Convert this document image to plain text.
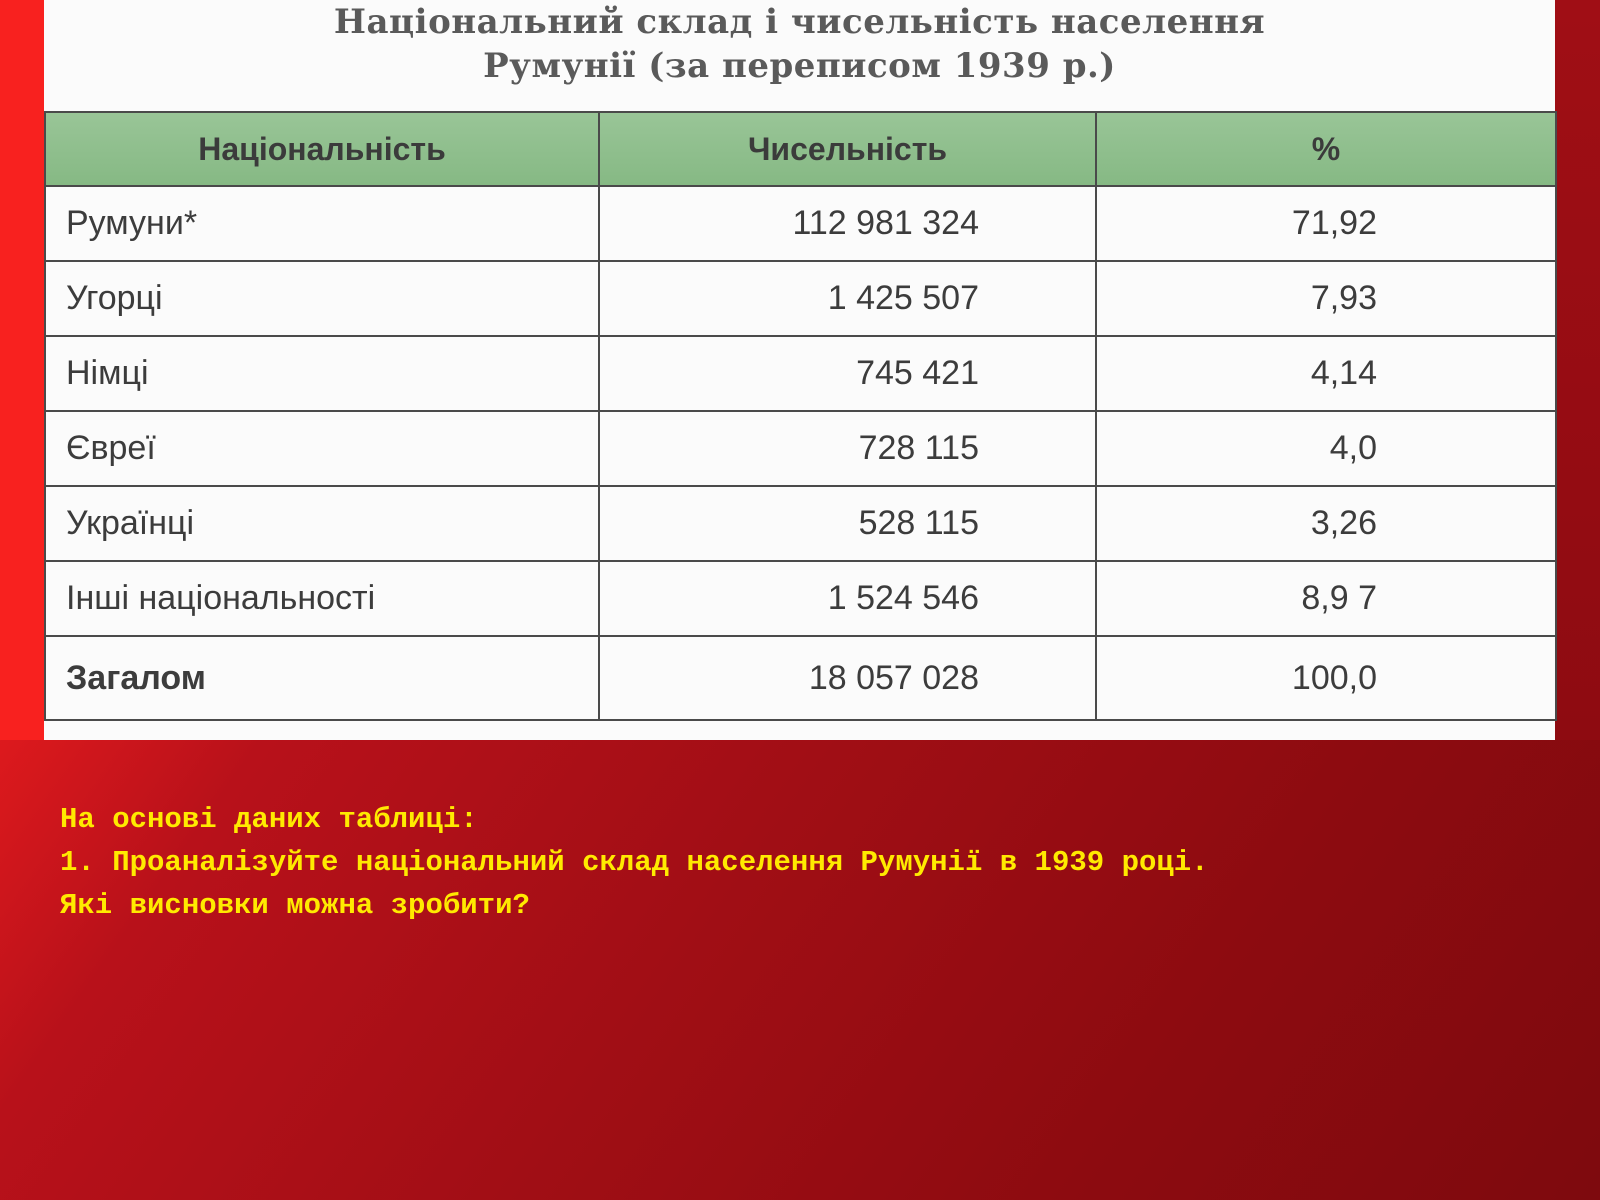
Національний склад і чисельність населення
Румунії (за переписом 1939 р.)
Національність	Чисельність	%
Румуни*	112 981 324	71,92
Угорці	1 425 507	7,93
Німці	745 421	4,14
Євреї	728 115	4,0
Українці	528 115	3,26
Інші національності	1 524 546	8,9 7
Загалом	18 057 028	100,0
На основі даних таблиці:
1. Проаналізуйте національний склад населення Румунії в 1939 році.
Які висновки можна зробити?
